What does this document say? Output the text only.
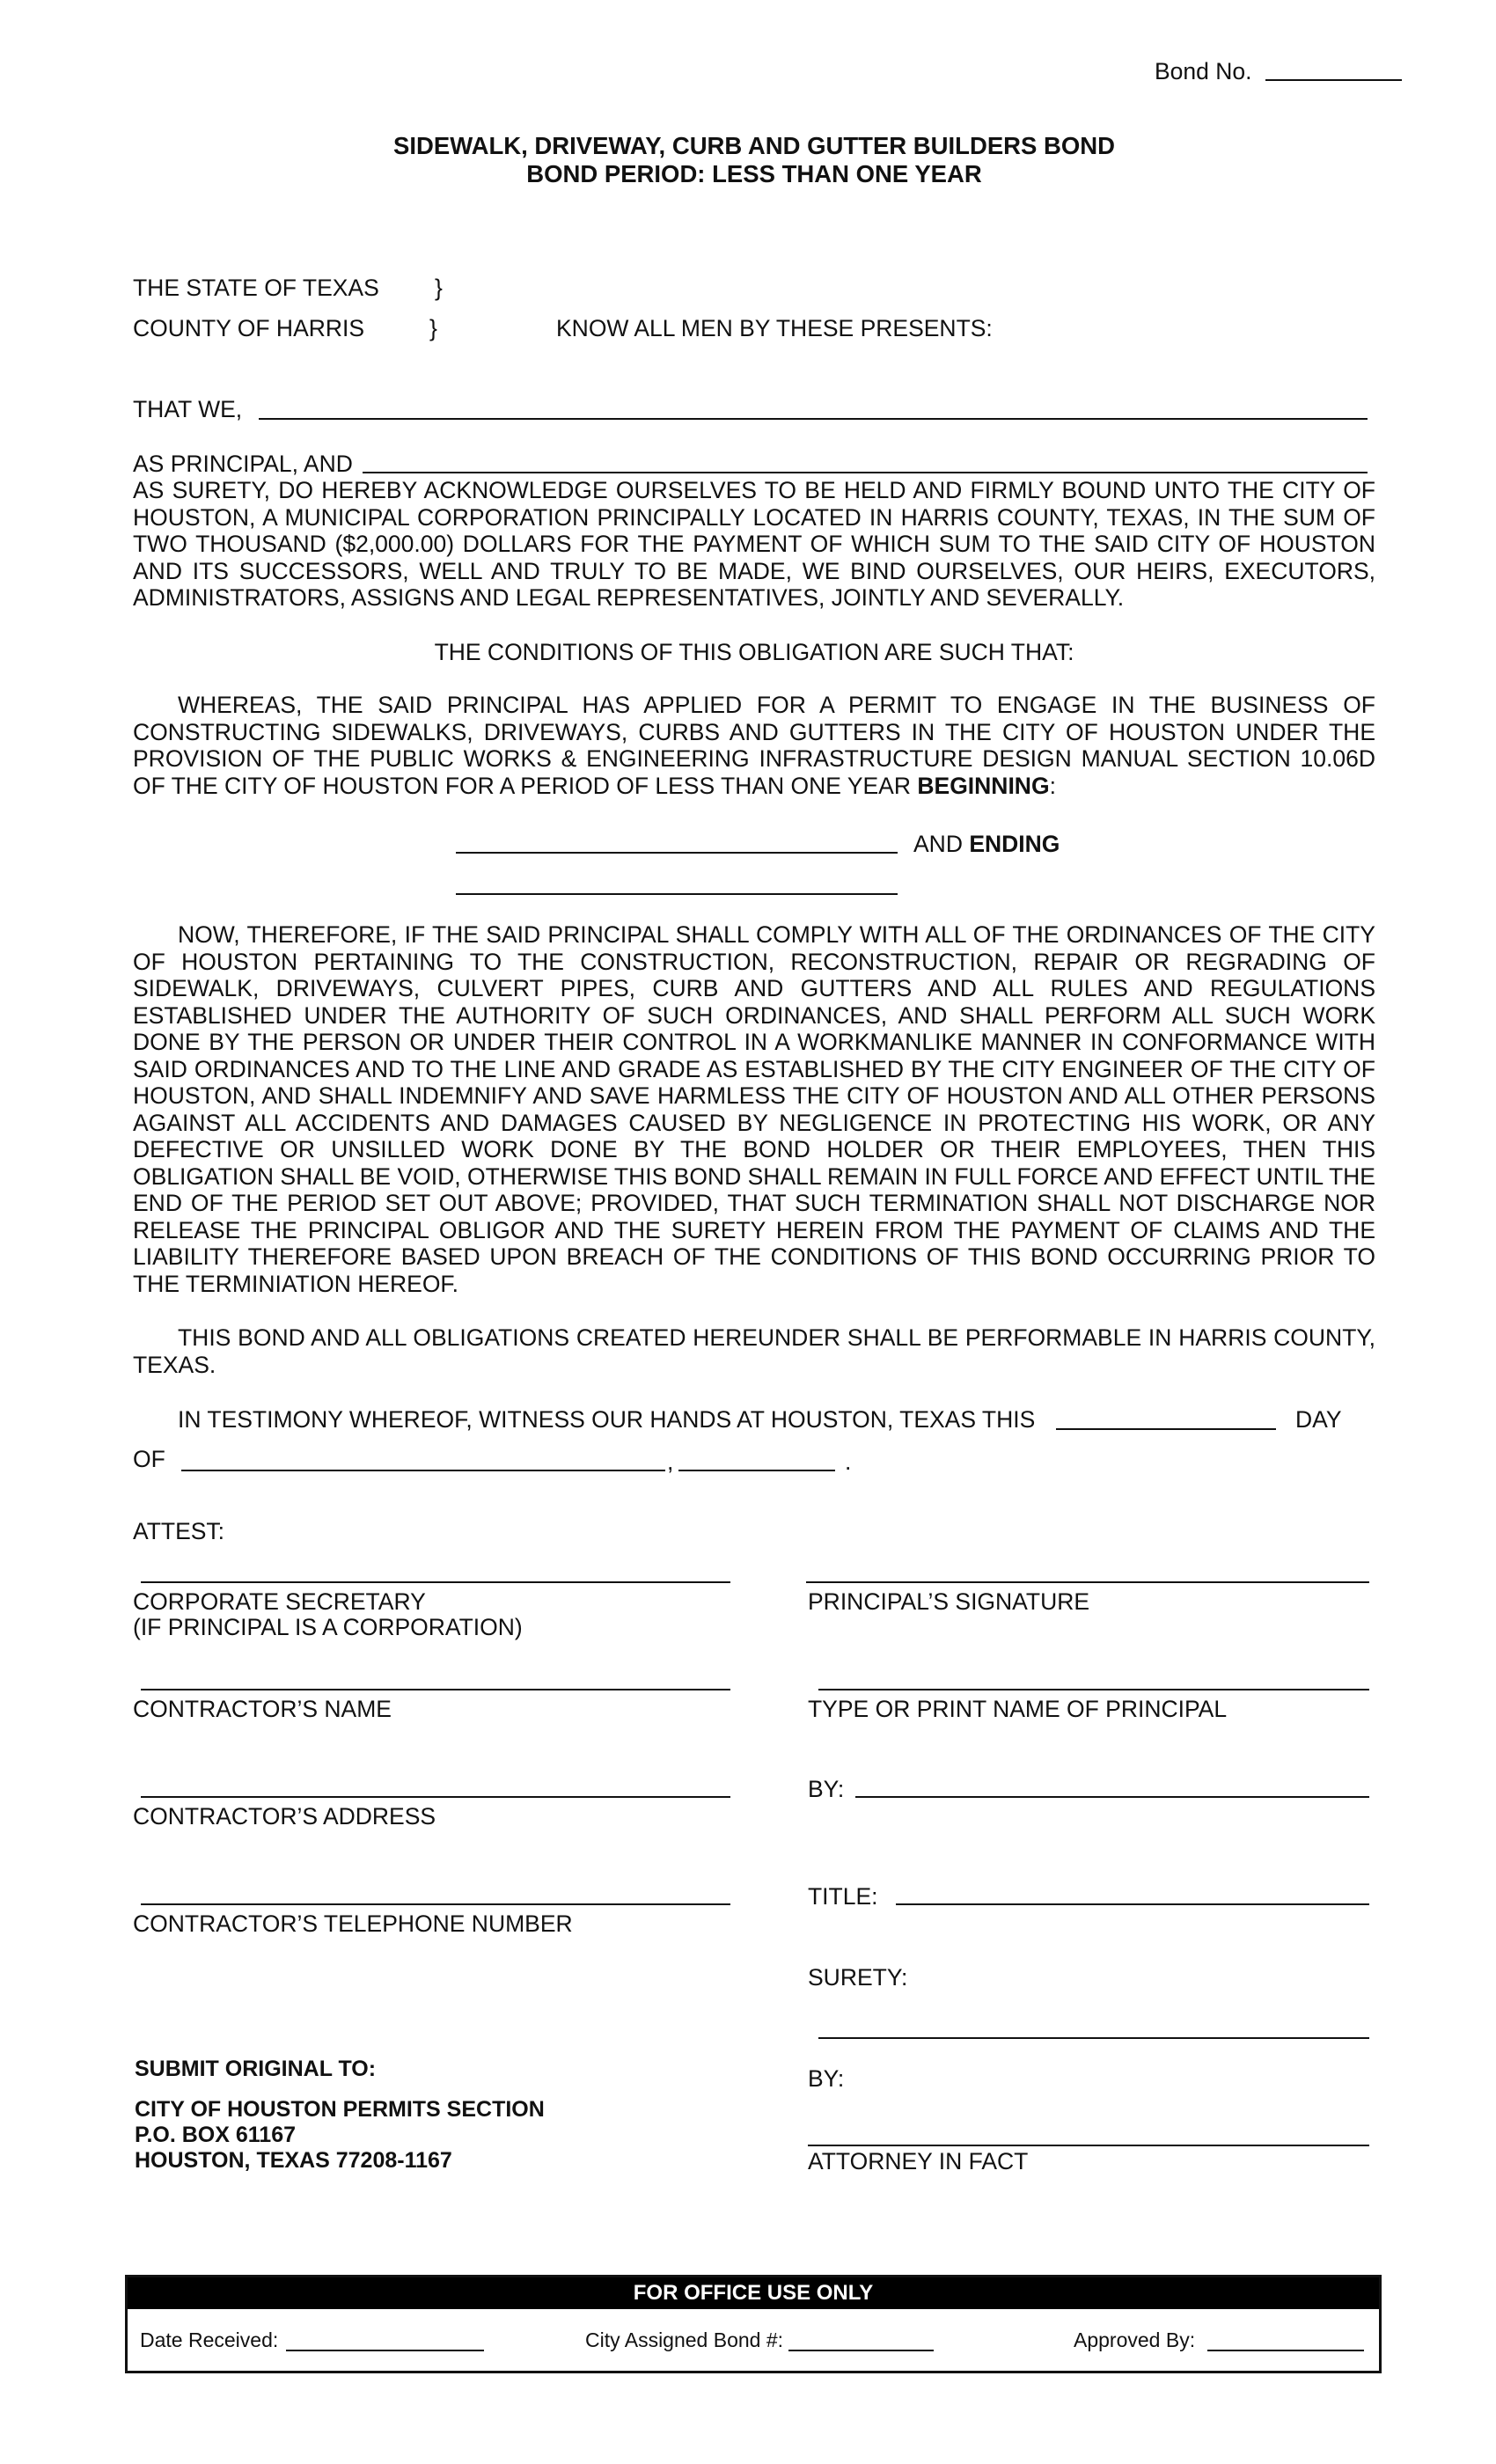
Bond No.
SIDEWALK, DRIVEWAY, CURB AND GUTTER BUILDERS BOND
BOND PERIOD: LESS THAN ONE YEAR
THE STATE OF TEXAS }
COUNTY OF HARRIS	}	KNOW ALL MEN BY THESE PRESENTS:
THAT WE,
AS PRINCIPAL, AND
AS SURETY, DO HEREBY ACKNOWLEDGE OURSELVES TO BE HELD AND FIRMLY BOUND UNTO THE CITY OF HOUSTON, A MUNICIPAL CORPORATION PRINCIPALLY LOCATED IN HARRIS COUNTY, TEXAS, IN THE SUM OF TWO THOUSAND ($2,000.00) DOLLARS FOR THE PAYMENT OF WHICH SUM TO THE SAID CITY OF HOUSTON AND ITS SUCCESSORS, WELL AND TRULY TO BE MADE, WE BIND OURSELVES, OUR HEIRS, EXECUTORS, ADMINISTRATORS, ASSIGNS AND LEGAL REPRESENTATIVES, JOINTLY AND SEVERALLY.
THE CONDITIONS OF THIS OBLIGATION ARE SUCH THAT:
WHEREAS, THE SAID PRINCIPAL HAS APPLIED FOR A PERMIT TO ENGAGE IN THE BUSINESS OF CONSTRUCTING SIDEWALKS, DRIVEWAYS, CURBS AND GUTTERS IN THE CITY OF HOUSTON UNDER THE PROVISION OF THE PUBLIC WORKS & ENGINEERING INFRASTRUCTURE DESIGN MANUAL SECTION 10.06D OF THE CITY OF HOUSTON FOR A PERIOD OF LESS THAN ONE YEAR BEGINNING:
AND ENDING
NOW, THEREFORE, IF THE SAID PRINCIPAL SHALL COMPLY WITH ALL OF THE ORDINANCES OF THE CITY OF HOUSTON PERTAINING TO THE CONSTRUCTION, RECONSTRUCTION, REPAIR OR REGRADING OF SIDEWALK, DRIVEWAYS, CULVERT PIPES, CURB AND GUTTERS AND ALL RULES AND REGULATIONS ESTABLISHED UNDER THE AUTHORITY OF SUCH ORDINANCES, AND SHALL PERFORM ALL SUCH WORK DONE BY THE PERSON OR UNDER THEIR CONTROL IN A WORKMANLIKE MANNER IN CONFORMANCE WITH SAID ORDINANCES AND TO THE LINE AND GRADE AS ESTABLISHED BY THE CITY ENGINEER OF THE CITY OF HOUSTON, AND SHALL INDEMNIFY AND SAVE HARMLESS THE CITY OF HOUSTON AND ALL OTHER PERSONS AGAINST ALL ACCIDENTS AND DAMAGES CAUSED BY NEGLIGENCE IN PROTECTING HIS WORK, OR ANY DEFECTIVE OR UNSILLED WORK DONE BY THE BOND HOLDER OR THEIR EMPLOYEES, THEN THIS OBLIGATION SHALL BE VOID, OTHERWISE THIS BOND SHALL REMAIN IN FULL FORCE AND EFFECT UNTIL THE END OF THE PERIOD SET OUT ABOVE; PROVIDED, THAT SUCH TERMINATION SHALL NOT DISCHARGE NOR RELEASE THE PRINCIPAL OBLIGOR AND THE SURETY HEREIN FROM THE PAYMENT OF CLAIMS AND THE LIABILITY THEREFORE BASED UPON BREACH OF THE CONDITIONS OF THIS BOND OCCURRING PRIOR TO THE TERMINIATION HEREOF.
THIS BOND AND ALL OBLIGATIONS CREATED HEREUNDER SHALL BE PERFORMABLE IN HARRIS COUNTY, TEXAS.
IN TESTIMONY WHEREOF, WITNESS OUR HANDS AT HOUSTON, TEXAS THIS	DAY
OF	,	.
ATTEST:
CORPORATE SECRETARY
(IF PRINCIPAL IS A CORPORATION)
CONTRACTOR’S NAME
CONTRACTOR’S ADDRESS
CONTRACTOR’S TELEPHONE NUMBER
PRINCIPAL’S SIGNATURE
TYPE OR PRINT NAME OF PRINCIPAL
BY:
TITLE:
SURETY:
BY:
ATTORNEY IN FACT
SUBMIT ORIGINAL TO:
CITY OF HOUSTON PERMITS SECTION
P.O. BOX 61167
HOUSTON, TEXAS 77208-1167
FOR OFFICE USE ONLY
Date Received:	City Assigned Bond #:	Approved By:
